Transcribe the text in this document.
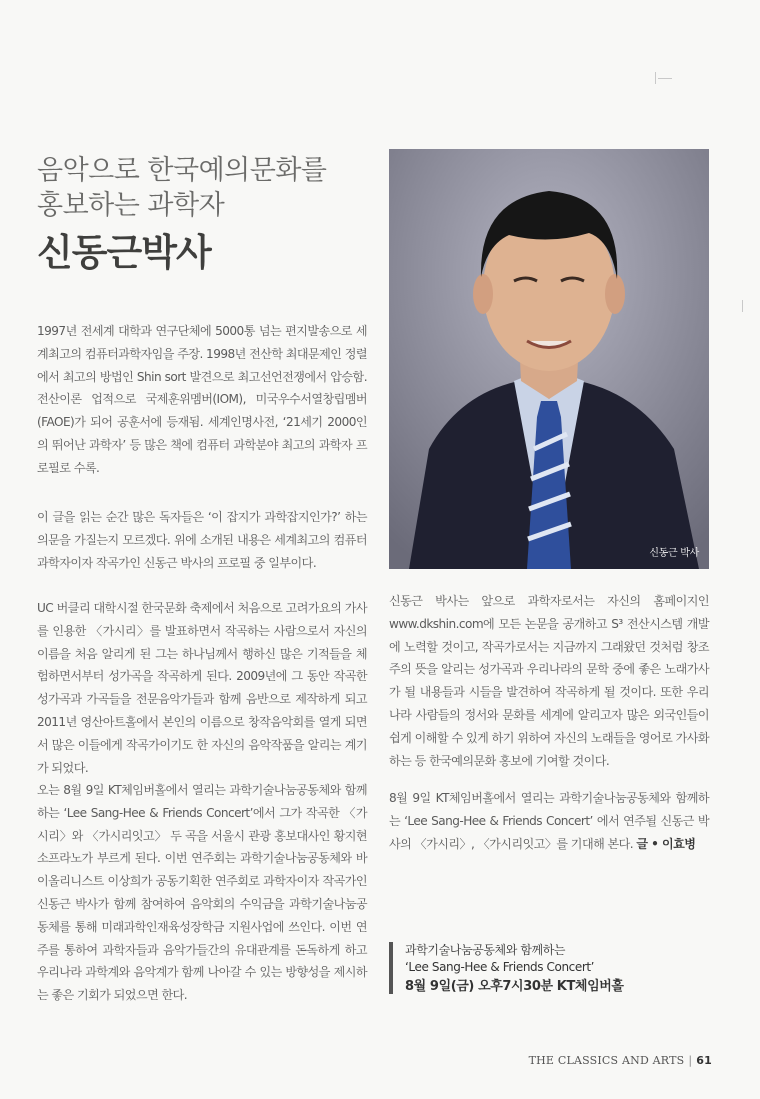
음악으로 한국예의문화를
홍보하는 과학자
신동근박사

1997년 전세계 대학과 연구단체에 5000통 넘는 편지발송으로 세계최고의 컴퓨터과학자임을 주장. 1998년 전산학 최대문제인 정렬에서 최고의 방법인 Shin sort 발견으로 최고선언전쟁에서 압승함. 전산이론 업적으로 국제훈위멤버(IOM), 미국우수서열창립멤버(FAOE)가 되어 공훈서에 등재됨. 세계인명사전, ‘21세기 2000인의 뛰어난 과학자’ 등 많은 책에 컴퓨터 과학분야 최고의 과학자 프로필로 수록.

이 글을 읽는 순간 많은 독자들은 ‘이 잡지가 과학잡지인가?’ 하는 의문을 가질는지 모르겠다. 위에 소개된 내용은 세계최고의 컴퓨터 과학자이자 작곡가인 신동근 박사의 프로필 중 일부이다.

UC 버클리 대학시절 한국문화 축제에서 처음으로 고려가요의 가사를 인용한 〈가시리〉를 발표하면서 작곡하는 사람으로서 자신의 이름을 처음 알리게 된 그는 하나님께서 행하신 많은 기적들을 체험하면서부터 성가곡을 작곡하게 된다. 2009년에 그 동안 작곡한 성가곡과 가곡들을 전문음악가들과 함께 음반으로 제작하게 되고 2011년 영산아트홀에서 본인의 이름으로 창작음악회를 열게 되면서 많은 이들에게 작곡가이기도 한 자신의 음악작품을 알리는 계기가 되었다.

오는 8월 9일 KT체임버홀에서 열리는 과학기술나눔공동체와 함께하는 ‘Lee Sang-Hee & Friends Concert’에서 그가 작곡한 〈가시리〉와 〈가시리잇고〉 두 곡을 서울시 관광 홍보대사인 황지현 소프라노가 부르게 된다. 이번 연주회는 과학기술나눔공동체와 바이올리니스트 이상희가 공동기획한 연주회로 과학자이자 작곡가인 신동근 박사가 함께 참여하여 음악회의 수익금을 과학기술나눔공동체를 통해 미래과학인재육성장학금 지원사업에 쓰인다. 이번 연주를 통하여 과학자들과 음악가들간의 유대관계를 돈독하게 하고 우리나라 과학계와 음악계가 함께 나아갈 수 있는 방향성을 제시하는 좋은 기회가 되었으면 한다.

신동근 박사

신동근 박사는 앞으로 과학자로서는 자신의 홈페이지인 www.dkshin.com에 모든 논문을 공개하고 S³ 전산시스템 개발에 노력할 것이고, 작곡가로서는 지금까지 그래왔던 것처럼 창조주의 뜻을 알리는 성가곡과 우리나라의 문학 중에 좋은 노래가사가 될 내용들과 시들을 발견하여 작곡하게 될 것이다. 또한 우리나라 사람들의 정서와 문화를 세계에 알리고자 많은 외국인들이 쉽게 이해할 수 있게 하기 위하여 자신의 노래들을 영어로 가사화 하는 등 한국예의문화 홍보에 기여할 것이다.

8월 9일 KT체임버홀에서 열리는 과학기술나눔공동체와 함께하는 ‘Lee Sang-Hee & Friends Concert’ 에서 연주될 신동근 박사의 〈가시리〉, 〈가시리잇고〉를 기대해 본다. 글 • 이효병

과학기술나눔공동체와 함께하는
‘Lee Sang-Hee & Friends Concert’
8월 9일(금) 오후7시30분 KT체임버홀
THE CLASSICS AND ARTS | 61
